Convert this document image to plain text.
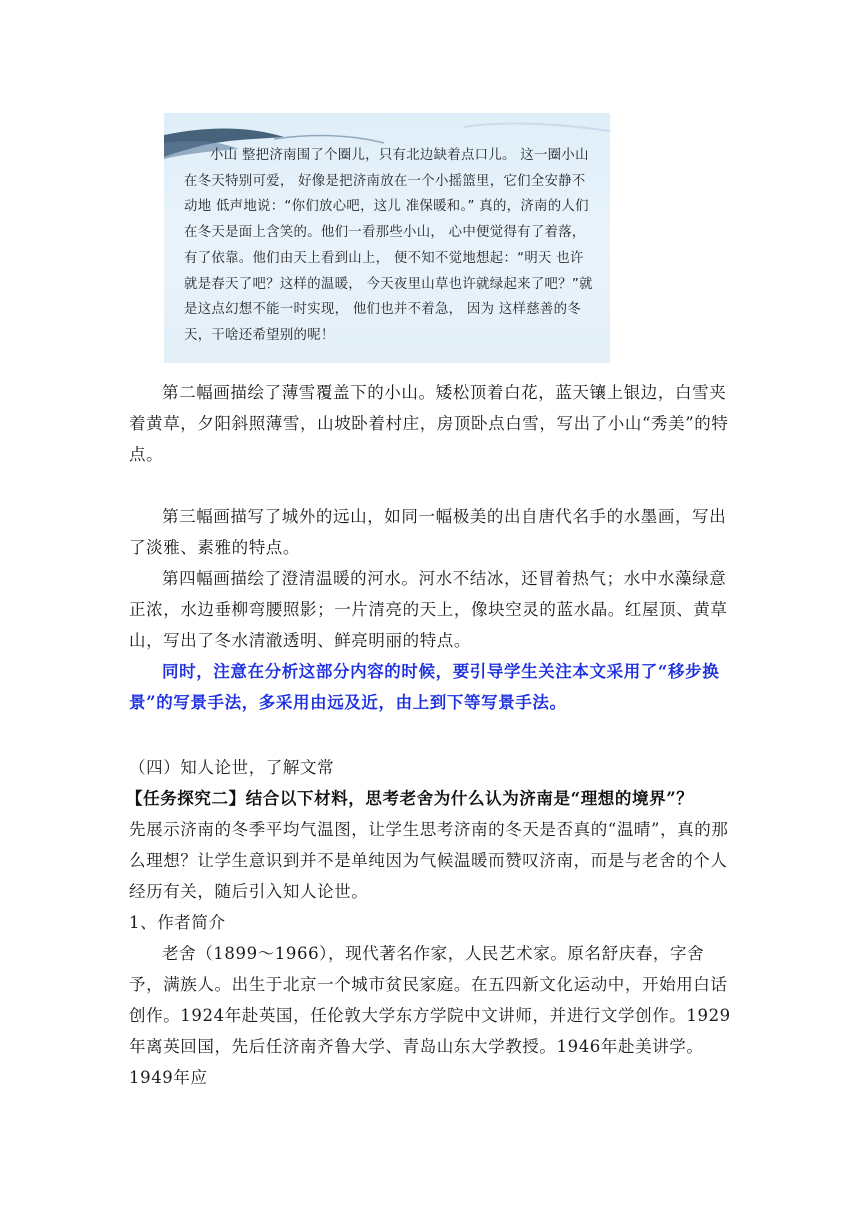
小山 整把济南围了个圈儿，只有北边缺着点口儿。 这一圈小山 在冬天特别可爱， 好像是把济南放在一个小摇篮里，它们全安静不动地 低声地说：“你们放心吧，这儿 准保暖和。” 真的，济南的人们 在冬天是面上含笑的。他们一看那些小山， 心中便觉得有了着落， 有了依靠。他们由天上看到山上， 便不知不觉地想起：“明天 也许就是春天了吧？这样的温暖， 今天夜里山草也许就绿起来了吧？”就是这点幻想不能一时实现， 他们也并不着急， 因为 这样慈善的冬天，干啥还希望别的呢！
第二幅画描绘了薄雪覆盖下的小山。矮松顶着白花，蓝天镶上银边，白雪夹着黄草，夕阳斜照薄雪，山坡卧着村庄，房顶卧点白雪，写出了小山“秀美”的特点。
第三幅画描写了城外的远山，如同一幅极美的出自唐代名手的水墨画，写出了淡雅、素雅的特点。
第四幅画描绘了澄清温暖的河水。河水不结冰，还冒着热气；水中水藻绿意正浓，水边垂柳弯腰照影；一片清亮的天上，像块空灵的蓝水晶。红屋顶、黄草山，写出了冬水清澈透明、鲜亮明丽的特点。
同时，注意在分析这部分内容的时候，要引导学生关注本文采用了“移步换景”的写景手法，多采用由远及近，由上到下等写景手法。
（四）知人论世，了解文常
【任务探究二】结合以下材料，思考老舍为什么认为济南是“理想的境界”？
先展示济南的冬季平均气温图，让学生思考济南的冬天是否真的“温晴”，真的那么理想？让学生意识到并不是单纯因为气候温暖而赞叹济南，而是与老舍的个人经历有关，随后引入知人论世。
1、作者简介
老舍（1899～1966），现代著名作家，人民艺术家。原名舒庆春，字舍予，满族人。出生于北京一个城市贫民家庭。在五四新文化运动中，开始用白话创作。1924年赴英国，任伦敦大学东方学院中文讲师，并进行文学创作。1929年离英回国，先后任济南齐鲁大学、青岛山东大学教授。1946年赴美讲学。1949年应
